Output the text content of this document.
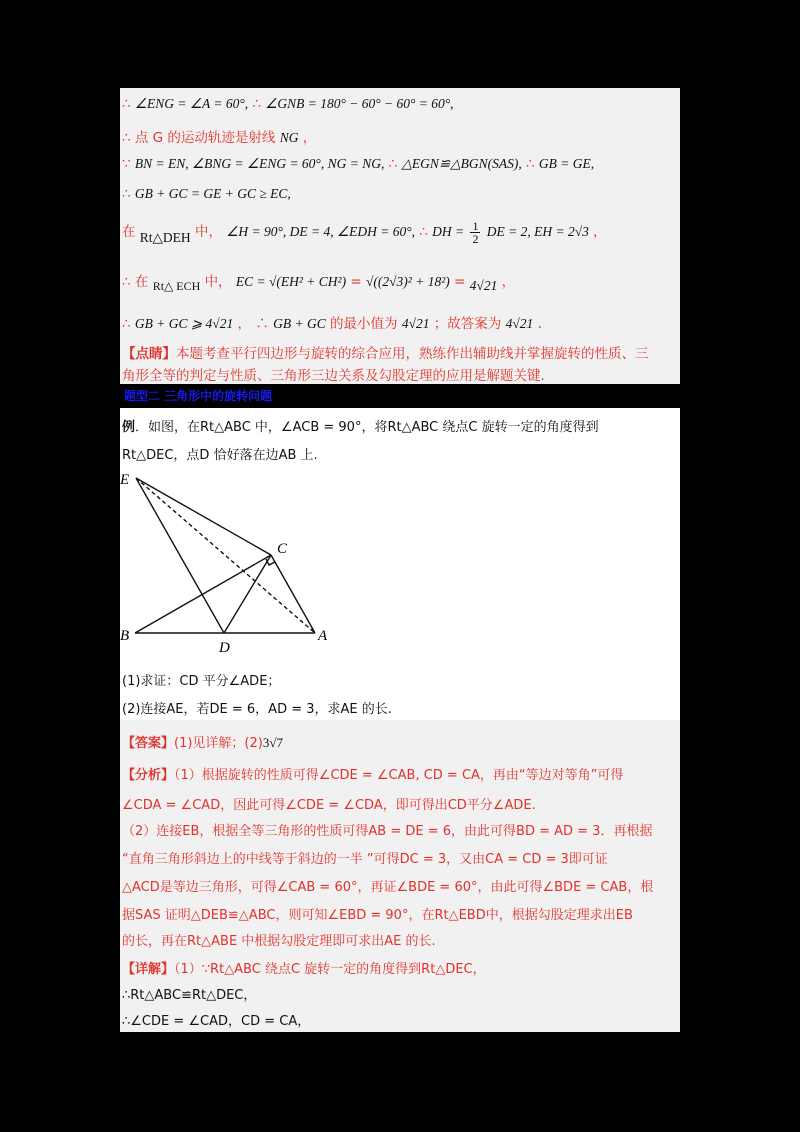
∴ ∠ENG = ∠A = 60°, ∴ ∠GNB = 180° − 60° − 60° = 60°,
∴ 点 G 的运动轨迹是射线 NG ，
∵ BN = EN, ∠BNG = ∠ENG = 60°, NG = NG, ∴ △EGN≌△BGN(SAS), ∴ GB = GE,
∴ GB + GC = GE + GC ≥ EC,
在 Rt△DEH 中， ∠H = 90°, DE = 4, ∠EDH = 60°, ∴ DH = $\frac{1}{2}$ DE = 2, EH = 2√3 ，
∴ 在 Rt△ ECH 中， EC = √(EH² + CH²) = √((2√3)² + 18²) = 4√21 ，
∴ GB + GC ⩾ 4√21 ， ∴ GB + GC 的最小值为 4√21 ；故答案为 4√21 .
【点睛】本题考查平行四边形与旋转的综合应用，熟练作出辅助线并掌握旋转的性质、三
角形全等的判定与性质、三角形三边关系及勾股定理的应用是解题关键.
题型二 三角形中的旋转问题
例．如图，在Rt△ABC 中，∠ACB = 90°，将Rt△ABC 绕点C 旋转一定的角度得到
Rt△DEC，点D 恰好落在边AB 上.
E
C
B
D
A
(1)求证：CD 平分∠ADE；
(2)连接AE，若DE = 6，AD = 3，求AE 的长.
【答案】(1)见详解；(2)3√7
【分析】（1）根据旋转的性质可得∠CDE = ∠CAB, CD = CA，再由“等边对等角”可得
∠CDA = ∠CAD，因此可得∠CDE = ∠CDA，即可得出CD平分∠ADE.
（2）连接EB，根据全等三角形的性质可得AB = DE = 6，由此可得BD = AD = 3．再根据
“直角三角形斜边上的中线等于斜边的一半 ”可得DC = 3，又由CA = CD = 3即可证
△ACD是等边三角形，可得∠CAB = 60°，再证∠BDE = 60°，由此可得∠BDE = CAB，根
据SAS 证明△DEB≌△ABC，则可知∠EBD = 90°，在Rt△EBD中，根据勾股定理求出EB
的长，再在Rt△ABE 中根据勾股定理即可求出AE 的长.
【详解】（1）∵Rt△ABC 绕点C 旋转一定的角度得到Rt△DEC，
∴Rt△ABC≌Rt△DEC，
∴∠CDE = ∠CAD，CD = CA，
